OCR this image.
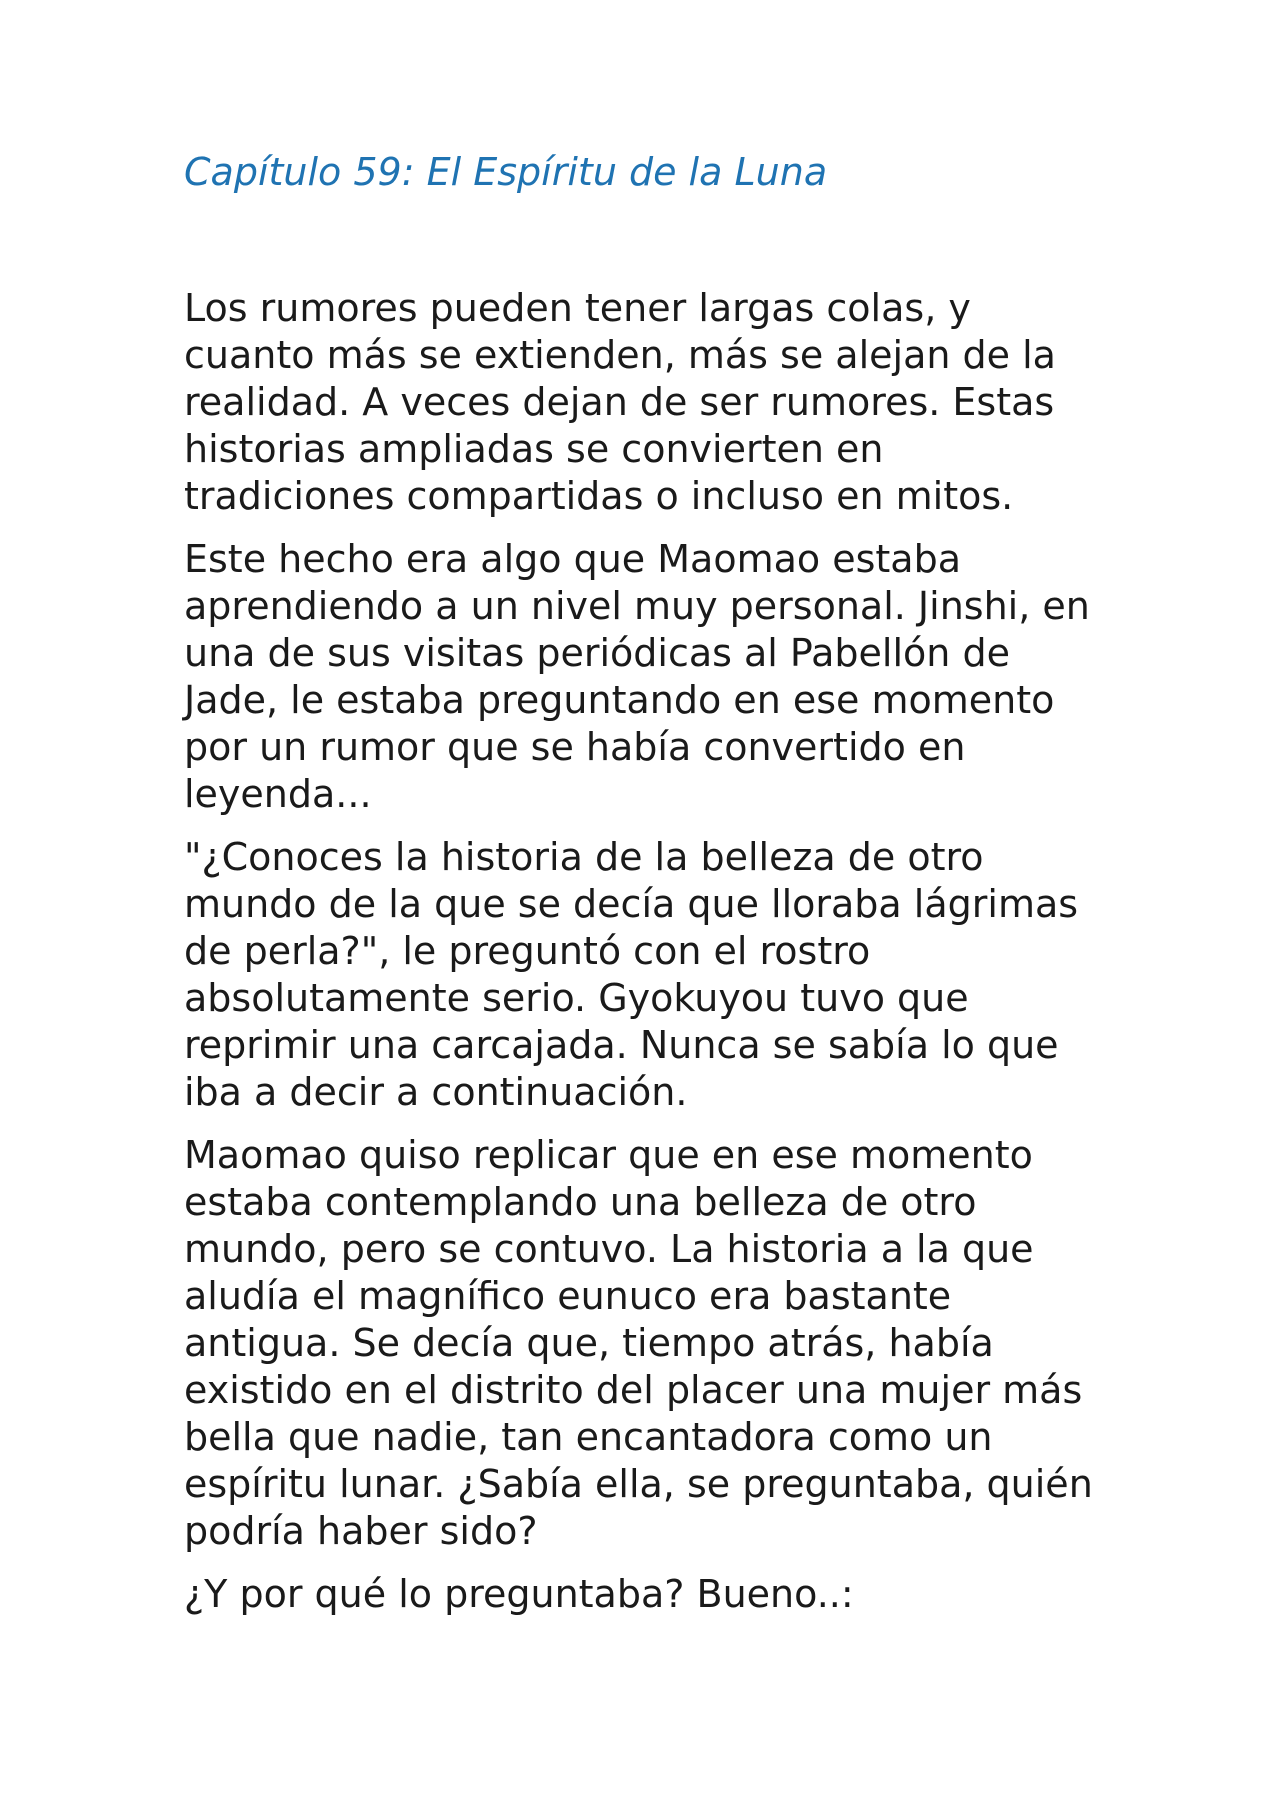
Capítulo 59: El Espíritu de la Luna

Los rumores pueden tener largas colas, y cuanto más se extienden, más se alejan de la realidad. A veces dejan de ser rumores. Estas historias ampliadas se convierten en tradiciones compartidas o incluso en mitos.

Este hecho era algo que Maomao estaba aprendiendo a un nivel muy personal. Jinshi, en una de sus visitas periódicas al Pabellón de Jade, le estaba preguntando en ese momento por un rumor que se había convertido en leyenda...

"¿Conoces la historia de la belleza de otro mundo de la que se decía que lloraba lágrimas de perla?", le preguntó con el rostro absolutamente serio. Gyokuyou tuvo que reprimir una carcajada. Nunca se sabía lo que iba a decir a continuación.

Maomao quiso replicar que en ese momento estaba contemplando una belleza de otro mundo, pero se contuvo. La historia a la que aludía el magnífico eunuco era bastante antigua. Se decía que, tiempo atrás, había existido en el distrito del placer una mujer más bella que nadie, tan encantadora como un espíritu lunar. ¿Sabía ella, se preguntaba, quién podría haber sido?

¿Y por qué lo preguntaba? Bueno..:
